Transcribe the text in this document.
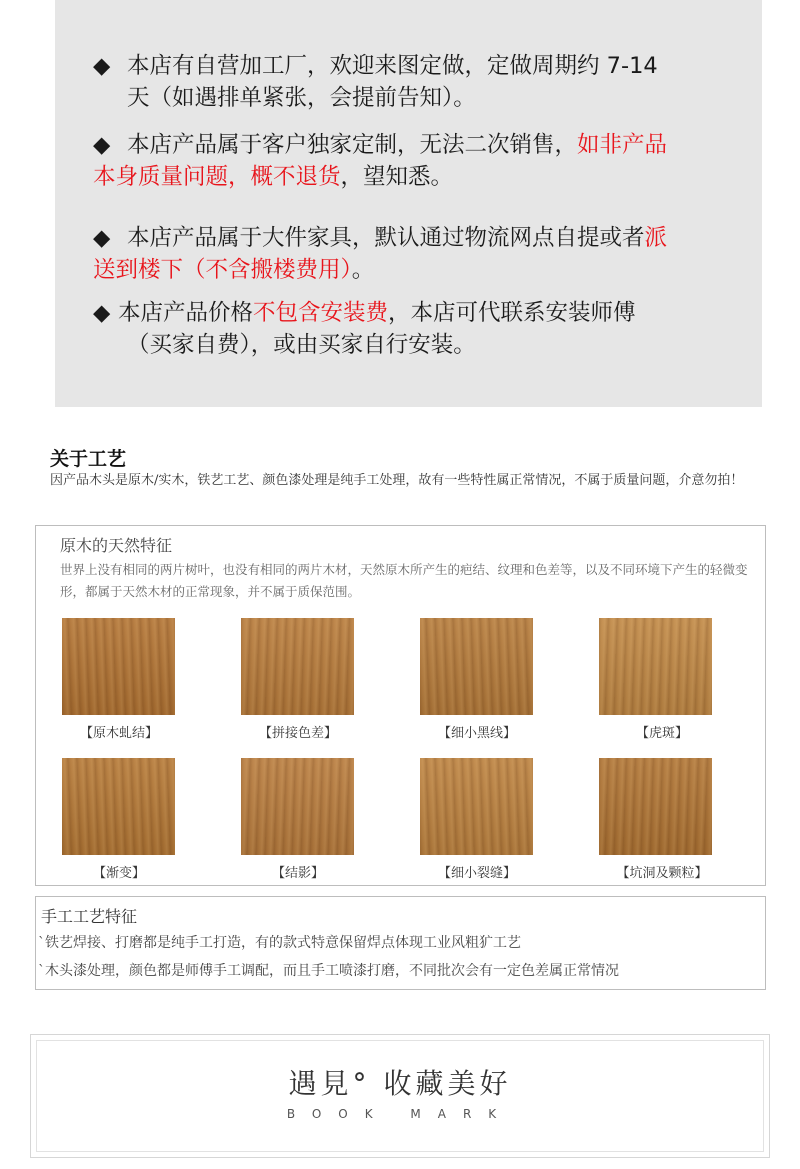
◆ 本店有自营加工厂，欢迎来图定做，定做周期约 7-14
天（如遇排单紧张，会提前告知）。
◆ 本店产品属于客户独家定制，无法二次销售，如非产品
本身质量问题，概不退货，望知悉。
◆ 本店产品属于大件家具，默认通过物流网点自提或者派
送到楼下（不含搬楼费用）。
◆ 本店产品价格不包含安装费，本店可代联系安装师傅
（买家自费），或由买家自行安装。
关于工艺
因产品木头是原木/实木，铁艺工艺、颜色漆处理是纯手工处理，故有一些特性属正常情况，不属于质量问题，介意勿拍！
原木的天然特征
世界上没有相同的两片树叶，也没有相同的两片木材，天然原木所产生的疤结、纹理和色差等，以及不同环境下产生的轻微变形，都属于天然木材的正常现象，并不属于质保范围。
【原木虬结】	【拼接色差】	【细小黑线】	【虎斑】
【渐变】	【结影】	【细小裂缝】	【坑洞及颗粒】
手工工艺特征
`铁艺焊接、打磨都是纯手工打造，有的款式特意保留焊点体现工业风粗犷工艺
`木头漆处理，颜色都是师傅手工调配，而且手工喷漆打磨，不同批次会有一定色差属正常情况
遇見° 收藏美好
BOOK MARK
